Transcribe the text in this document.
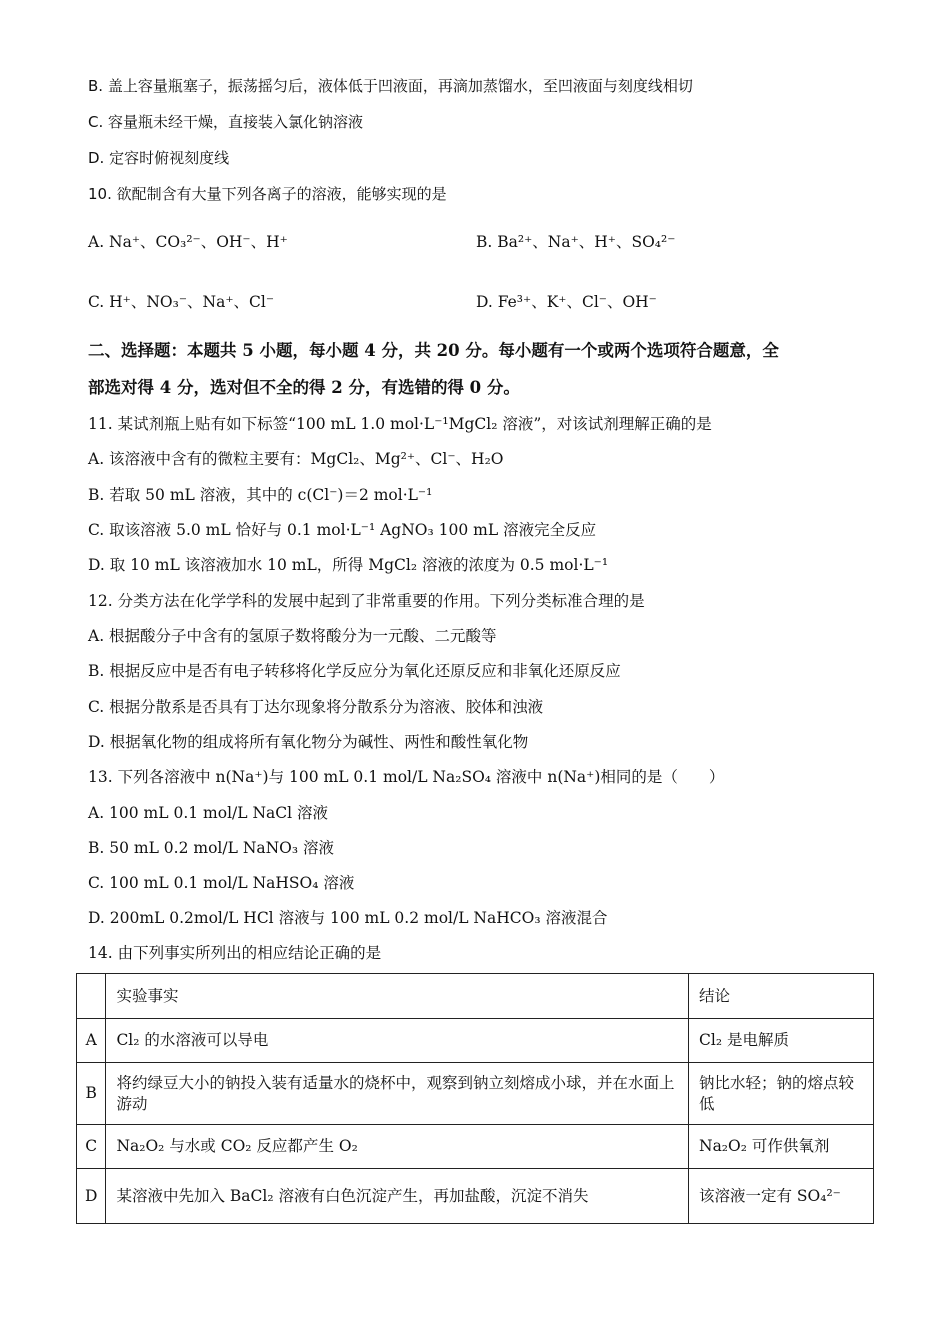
B. 盖上容量瓶塞子，振荡摇匀后，液体低于凹液面，再滴加蒸馏水，至凹液面与刻度线相切
C. 容量瓶未经干燥，直接装入氯化钠溶液
D. 定容时俯视刻度线
10. 欲配制含有大量下列各离子的溶液，能够实现的是
A. Na⁺、CO₃²⁻、OH⁻、H⁺	B. Ba²⁺、Na⁺、H⁺、SO₄²⁻
C. H⁺、NO₃⁻、Na⁺、Cl⁻	D. Fe³⁺、K⁺、Cl⁻、OH⁻
二、选择题：本题共 5 小题，每小题 4 分，共 20 分。每小题有一个或两个选项符合题意，全
部选对得 4 分，选对但不全的得 2 分，有选错的得 0 分。
11. 某试剂瓶上贴有如下标签“100 mL 1.0 mol·L⁻¹MgCl₂ 溶液”，对该试剂理解正确的是
A. 该溶液中含有的微粒主要有：MgCl₂、Mg²⁺、Cl⁻、H₂O
B. 若取 50 mL 溶液，其中的 c(Cl⁻)＝2 mol·L⁻¹
C. 取该溶液 5.0 mL 恰好与 0.1 mol·L⁻¹ AgNO₃ 100 mL 溶液完全反应
D. 取 10 mL 该溶液加水 10 mL，所得 MgCl₂ 溶液的浓度为 0.5 mol·L⁻¹
12. 分类方法在化学学科的发展中起到了非常重要的作用。下列分类标准合理的是
A. 根据酸分子中含有的氢原子数将酸分为一元酸、二元酸等
B. 根据反应中是否有电子转移将化学反应分为氧化还原反应和非氧化还原反应
C. 根据分散系是否具有丁达尔现象将分散系分为溶液、胶体和浊液
D. 根据氧化物的组成将所有氧化物分为碱性、两性和酸性氧化物
13. 下列各溶液中 n(Na⁺)与 100 mL 0.1 mol/L Na₂SO₄ 溶液中 n(Na⁺)相同的是（　　）
A. 100 mL 0.1 mol/L NaCl 溶液
B. 50 mL 0.2 mol/L NaNO₃ 溶液
C. 100 mL 0.1 mol/L NaHSO₄ 溶液
D. 200mL 0.2mol/L HCl 溶液与 100 mL 0.2 mol/L NaHCO₃ 溶液混合
14. 由下列事实所列出的相应结论正确的是
	实验事实	结论
A	Cl₂ 的水溶液可以导电	Cl₂ 是电解质
B	将约绿豆大小的钠投入装有适量水的烧杯中，观察到钠立刻熔成小球，并在水面上游动	钠比水轻；钠的熔点较低
C	Na₂O₂ 与水或 CO₂ 反应都产生 O₂	Na₂O₂ 可作供氧剂
D	某溶液中先加入 BaCl₂ 溶液有白色沉淀产生，再加盐酸，沉淀不消失	该溶液一定有 SO₄²⁻
